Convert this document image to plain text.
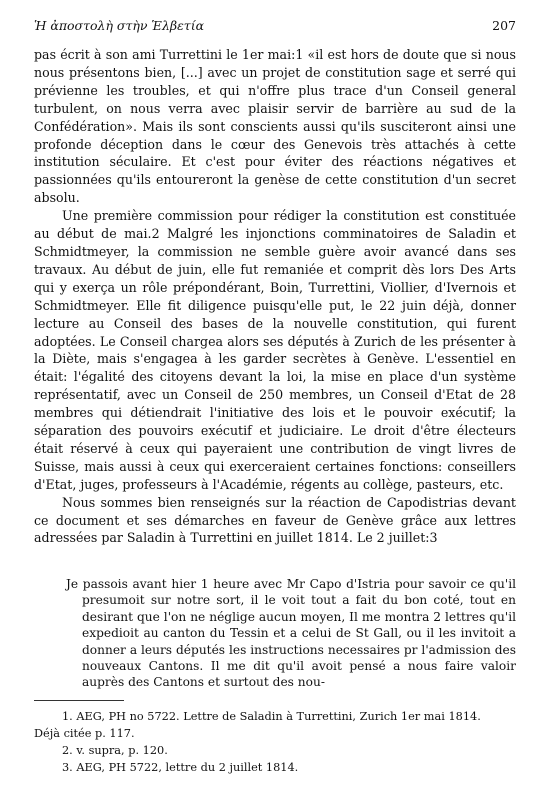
Ἡ ἀποστολὴ στὴν Ἑλβετία	207

pas écrit à son ami Turrettini le 1er mai:1 «il est hors de doute que si nous nous présentons bien, [...] avec un projet de constitution sage et serré qui prévienne les troubles, et qui n'offre plus trace d'un Conseil general turbulent, on nous verra avec plaisir servir de barrière au sud de la Confédération». Mais ils sont conscients aussi qu'ils susciteront ainsi une profonde déception dans le cœur des Genevois très attachés à cette institution séculaire. Et c'est pour éviter des réactions négatives et passionnées qu'ils entoureront la genèse de cette constitution d'un secret absolu.

Une première commission pour rédiger la constitution est constituée au début de mai.2 Malgré les injonctions comminatoires de Saladin et Schmidtmeyer, la commission ne semble guère avoir avancé dans ses travaux. Au début de juin, elle fut remaniée et comprit dès lors Des Arts qui y exerça un rôle prépondérant, Boin, Turrettini, Viollier, d'Ivernois et Schmidtmeyer. Elle fit diligence puisqu'elle put, le 22 juin déjà, donner lecture au Conseil des bases de la nouvelle constitution, qui furent adoptées. Le Conseil chargea alors ses députés à Zurich de les présenter à la Diète, mais s'engagea à les garder secrètes à Genève. L'essentiel en était: l'égalité des citoyens devant la loi, la mise en place d'un système représentatif, avec un Conseil de 250 membres, un Conseil d'Etat de 28 membres qui détiendrait l'initiative des lois et le pouvoir exécutif; la séparation des pouvoirs exécutif et judiciaire. Le droit d'être électeurs était réservé à ceux qui payeraient une contribution de vingt livres de Suisse, mais aussi à ceux qui exerceraient certaines fonctions: conseillers d'Etat, juges, professeurs à l'Académie, régents au collège, pasteurs, etc.

Nous sommes bien renseignés sur la réaction de Capodistrias devant ce document et ses démarches en faveur de Genève grâce aux lettres adressées par Saladin à Turrettini en juillet 1814. Le 2 juillet:3

Je passois avant hier 1 heure avec Mr Capo d'Istria pour savoir ce qu'il presumoit sur notre sort, il le voit tout a fait du bon coté, tout en desirant que l'on ne néglige aucun moyen, Il me montra 2 lettres qu'il expedioit au canton du Tessin et a celui de St Gall, ou il les invitoit a donner a leurs députés les instructions necessaires pr l'admission des nouveaux Cantons. Il me dit qu'il avoit pensé a nous faire valoir auprès des Cantons et surtout des nou-

1. AEG, PH no 5722. Lettre de Saladin à Turrettini, Zurich 1er mai 1814.

Déjà citée p. 117.

2. v. supra, p. 120.

3. AEG, PH 5722, lettre du 2 juillet 1814.
